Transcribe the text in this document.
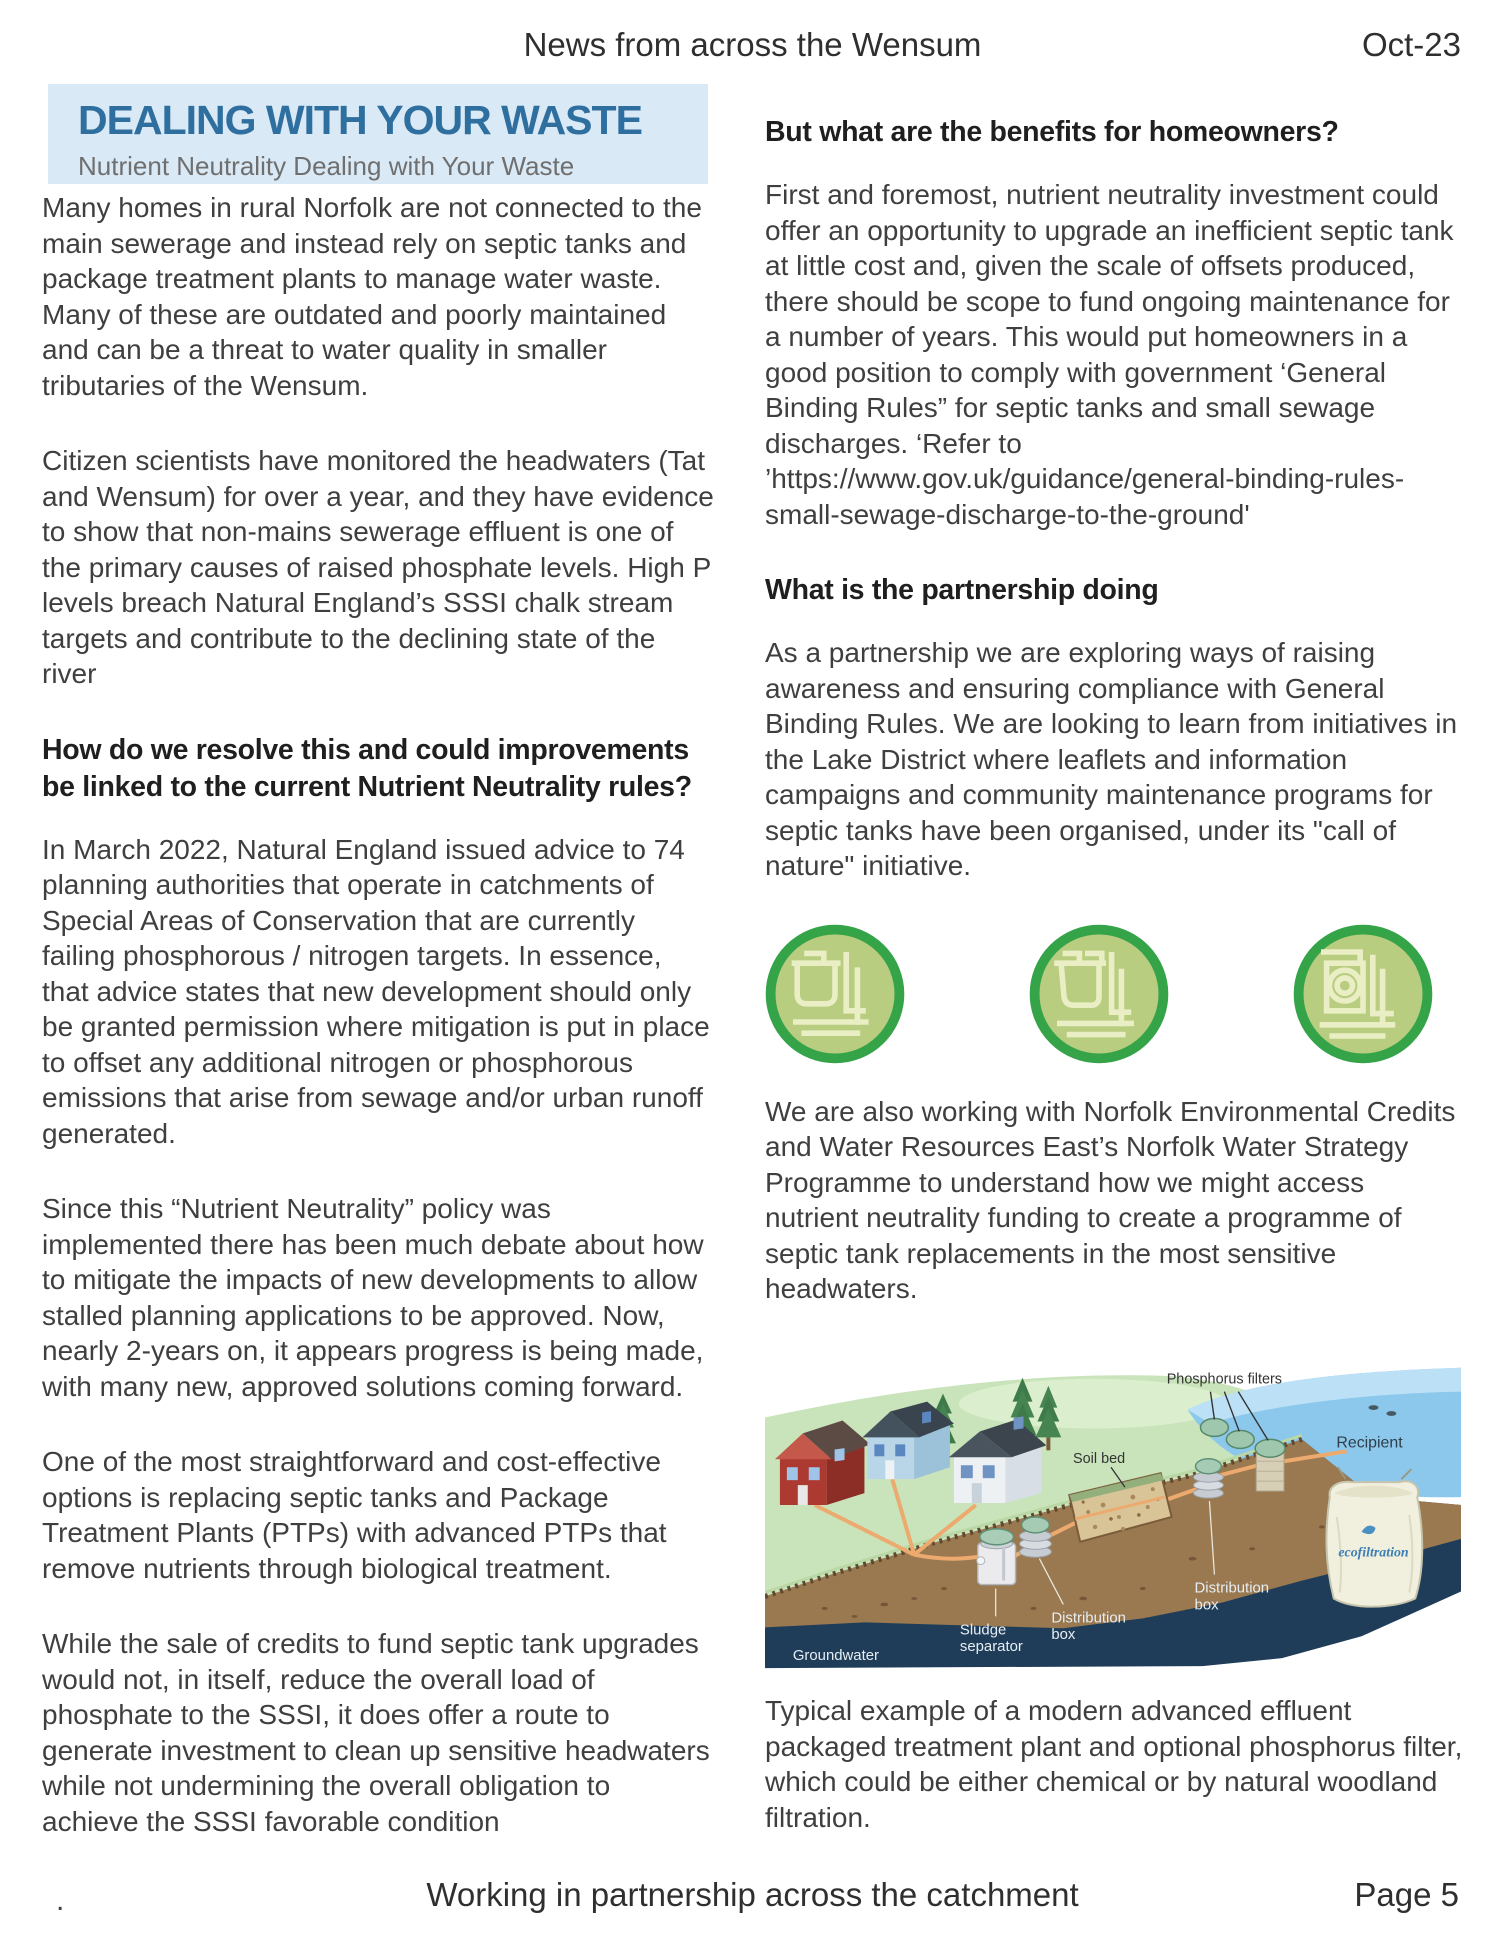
News from across the Wensum	Oct-23
DEALING WITH YOUR WASTE
Nutrient Neutrality Dealing with Your Waste

Many homes in rural Norfolk are not connected to the main sewerage and instead rely on septic tanks and package treatment plants to manage water waste. Many of these are outdated and poorly maintained and can be a threat to water quality in smaller tributaries of the Wensum.

Citizen scientists have monitored the headwaters (Tat and Wensum) for over a year, and they have evidence to show that non-mains sewerage effluent is one of the primary causes of raised phosphate levels. High P levels breach Natural England’s SSSI chalk stream targets and contribute to the declining state of the river

How do we resolve this and could improvements be linked to the current Nutrient Neutrality rules?

In March 2022, Natural England issued advice to 74 planning authorities that operate in catchments of Special Areas of Conservation that are currently failing phosphorous / nitrogen targets. In essence, that advice states that new development should only be granted permission where mitigation is put in place to offset any additional nitrogen or phosphorous emissions that arise from sewage and/or urban runoff generated.

Since this “Nutrient Neutrality” policy was implemented there has been much debate about how to mitigate the impacts of new developments to allow stalled planning applications to be approved. Now, nearly 2-years on, it appears progress is being made, with many new, approved solutions coming forward.

One of the most straightforward and cost-effective options is replacing septic tanks and Package Treatment Plants (PTPs) with advanced PTPs that remove nutrients through biological treatment.

While the sale of credits to fund septic tank upgrades would not, in itself, reduce the overall load of phosphate to the SSSI, it does offer a route to generate investment to clean up sensitive headwaters while not undermining the overall obligation to achieve the SSSI favorable condition

But what are the benefits for homeowners?

First and foremost, nutrient neutrality investment could offer an opportunity to upgrade an inefficient septic tank at little cost and, given the scale of offsets produced, there should be scope to fund ongoing maintenance for a number of years. This would put homeowners in a good position to comply with government ‘General Binding Rules” for septic tanks and small sewage discharges. ‘Refer to ’https://www.gov.uk/guidance/general-binding-rules-small-sewage-discharge-to-the-ground'

What is the partnership doing

As a partnership we are exploring ways of raising awareness and ensuring compliance with General Binding Rules. We are looking to learn from initiatives in the Lake District where leaflets and information campaigns and community maintenance programs for septic tanks have been organised, under its "call of nature" initiative.

We are also working with Norfolk Environmental Credits and Water Resources East’s Norfolk Water Strategy Programme to understand how we might access nutrient neutrality funding to create a programme of septic tank replacements in the most sensitive headwaters.

ecofiltration
Phosphorus filters
Soil bed
Recipient
Sludge separator
Distribution box
Distribution box
Groundwater

Typical example of a modern advanced effluent packaged treatment plant and optional phosphorus filter, which could be either chemical or by natural woodland filtration.

.	Working in partnership across the catchment	Page 5
